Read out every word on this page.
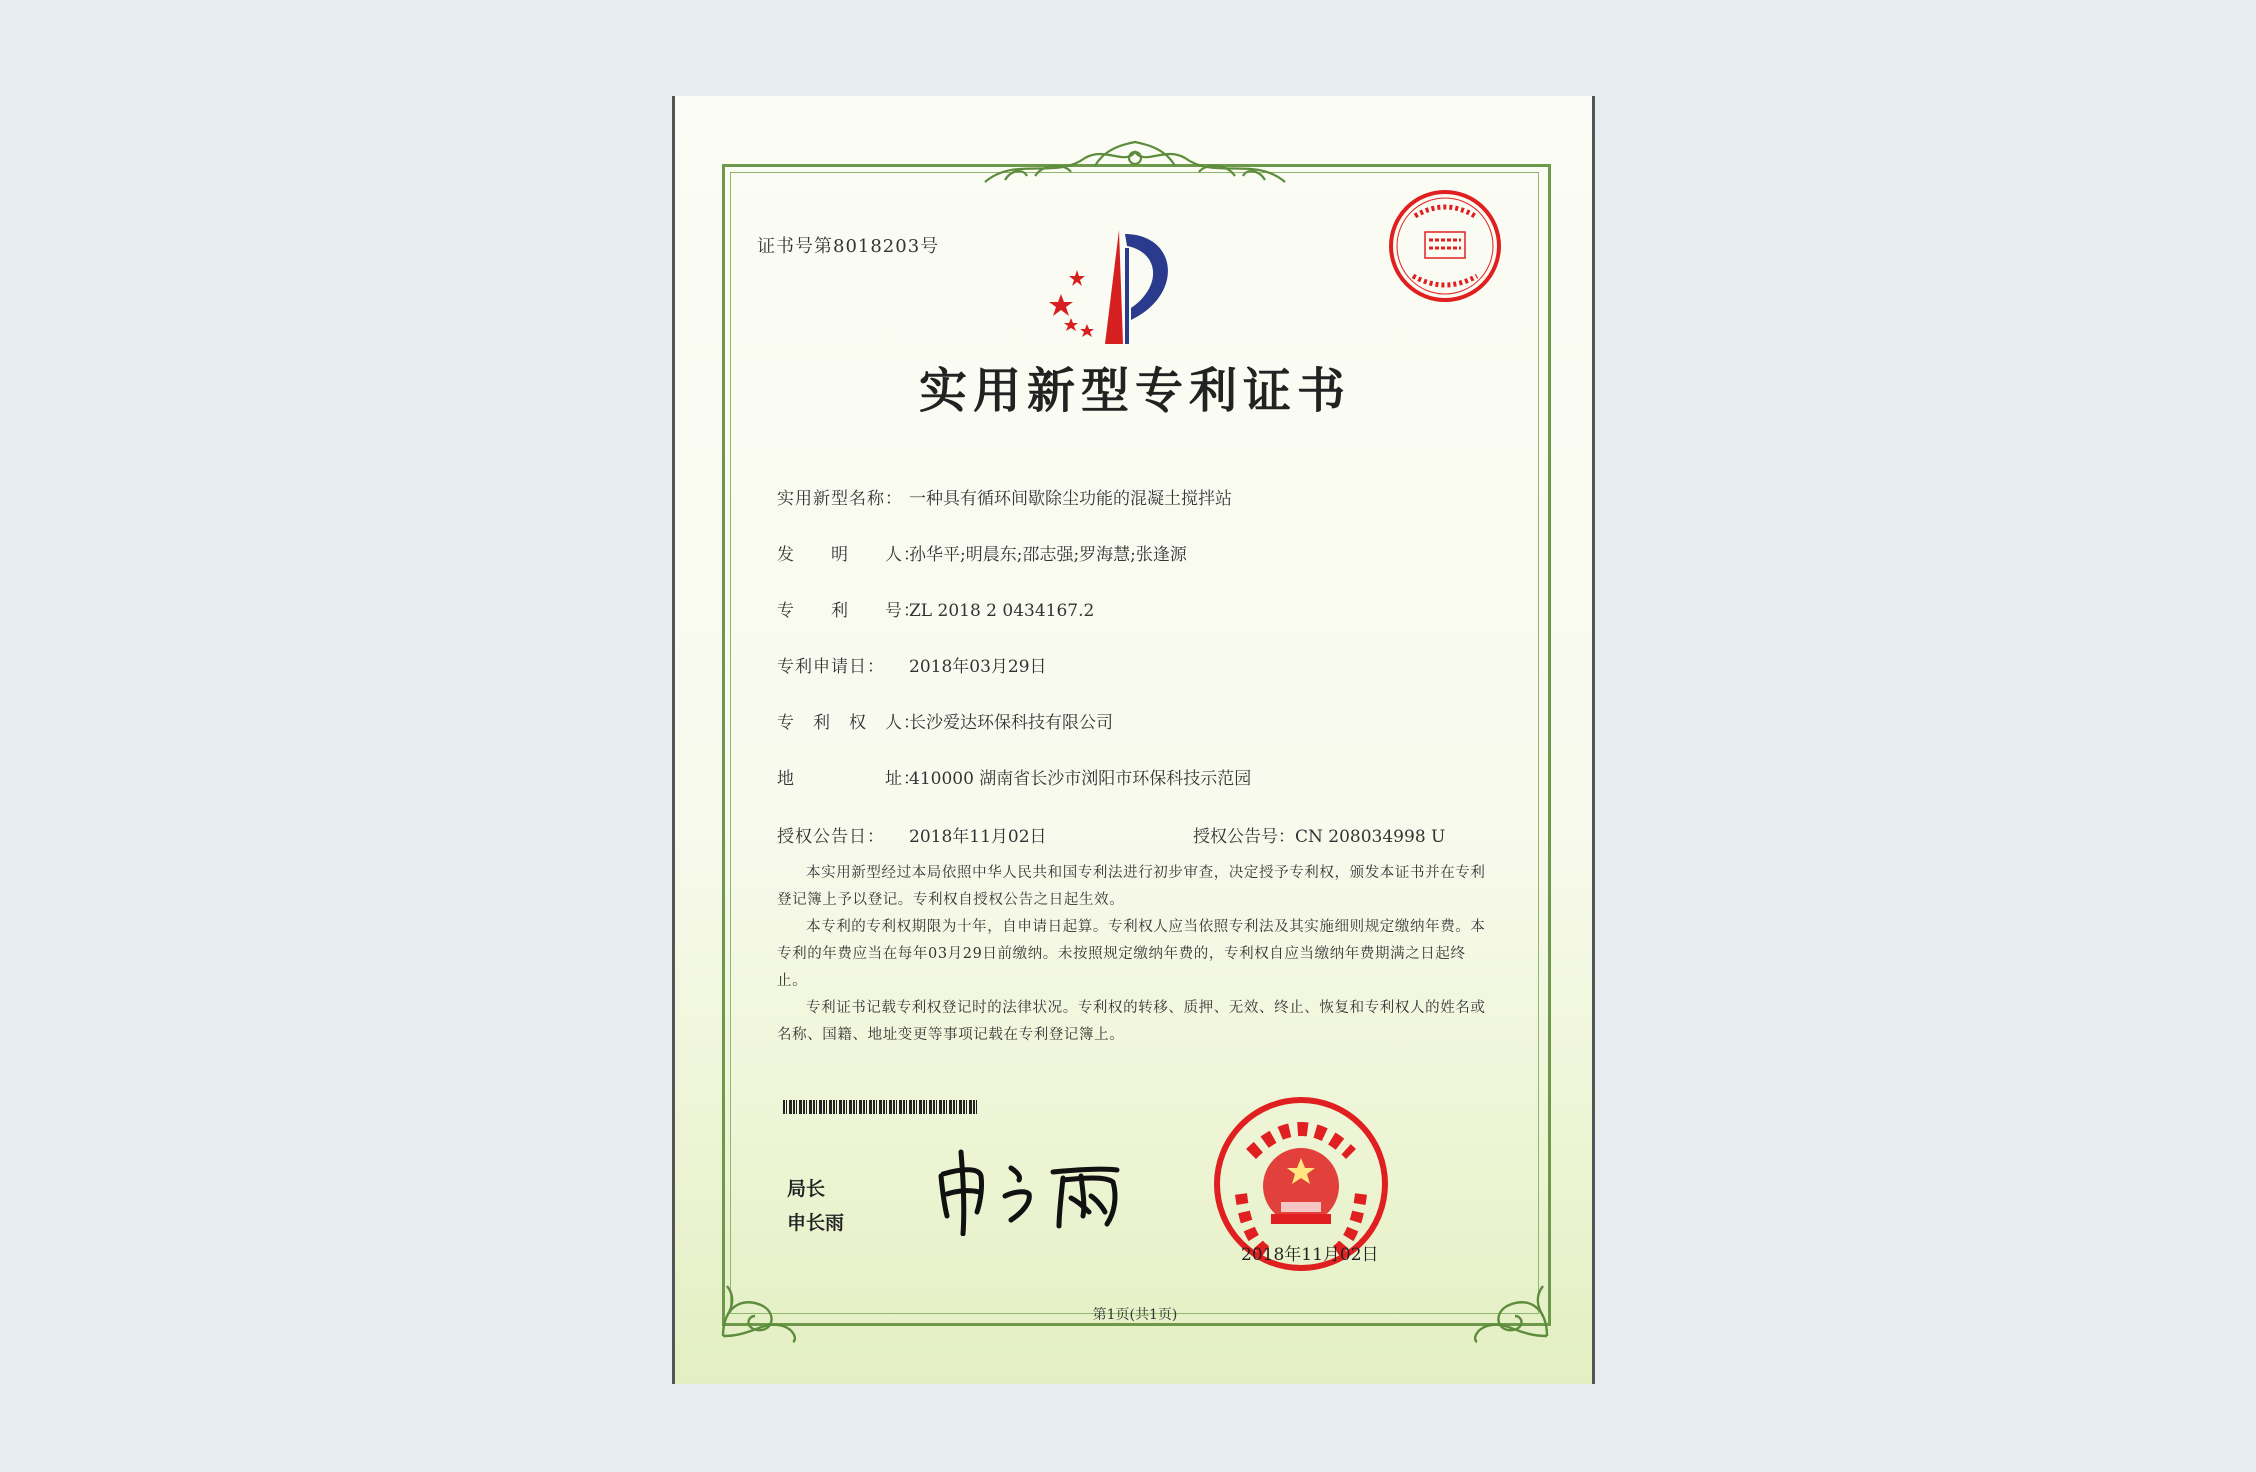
证书号第8018203号
实用新型专利证书
实用新型名称： 一种具有循环间歇除尘功能的混凝土搅拌站
发　　明　　人：孙华平;明晨东;邵志强;罗海慧;张逢源
专　　利　　号：ZL 2018 2 0434167.2
专利申请日： 2018年03月29日
专　利　权　人：长沙爱达环保科技有限公司
地　　　　　址：410000 湖南省长沙市浏阳市环保科技示范园
授权公告日： 2018年11月02日	授权公告号：CN 208034998 U

本实用新型经过本局依照中华人民共和国专利法进行初步审查，决定授予专利权，颁发本证书并在专利登记簿上予以登记。专利权自授权公告之日起生效。

本专利的专利权期限为十年，自申请日起算。专利权人应当依照专利法及其实施细则规定缴纳年费。本专利的年费应当在每年03月29日前缴纳。未按照规定缴纳年费的，专利权自应当缴纳年费期满之日起终止。

专利证书记载专利权登记时的法律状况。专利权的转移、质押、无效、终止、恢复和专利权人的姓名或名称、国籍、地址变更等事项记载在专利登记簿上。

局长
申长雨
2018年11月02日
第1页(共1页)
